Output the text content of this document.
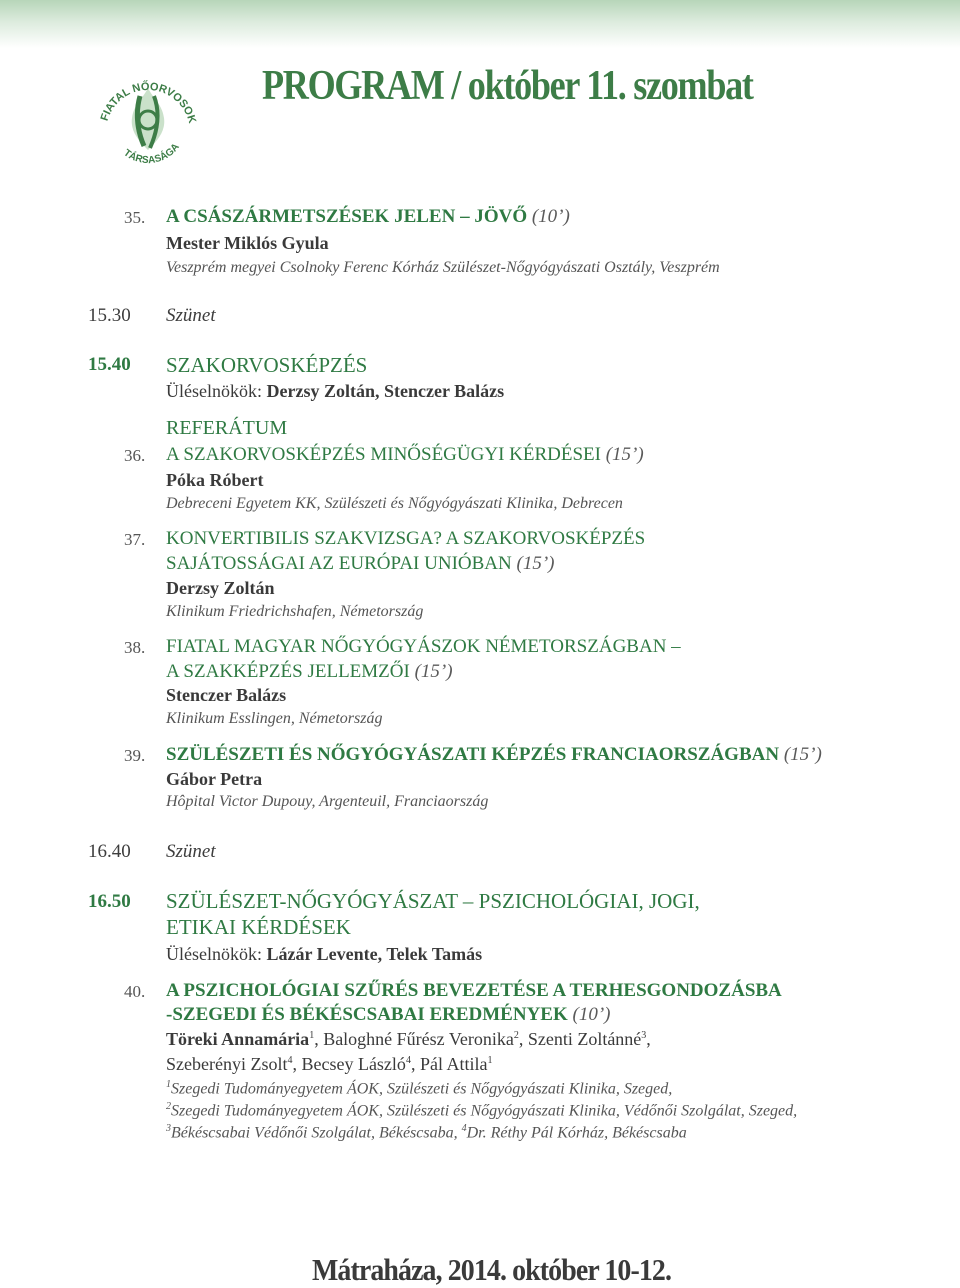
FIATAL NŐORVOSOK
TÁRSASÁGA
PROGRAM / október 11. szombat
35. A CSÁSZÁRMETSZÉSEK JELEN – JÖVŐ (10’)
Mester Miklós Gyula
Veszprém megyei Csolnoky Ferenc Kórház Szülészet-Nőgyógyászati Osztály, Veszprém
15.30 Szünet
15.40 SZAKORVOSKÉPZÉS
Üléselnökök: Derzsy Zoltán, Stenczer Balázs
REFERÁTUM
36. A SZAKORVOSKÉPZÉS MINŐSÉGÜGYI KÉRDÉSEI (15’)
Póka Róbert
Debreceni Egyetem KK, Szülészeti és Nőgyógyászati Klinika, Debrecen
37. KONVERTIBILIS SZAKVIZSGA? A SZAKORVOSKÉPZÉS
SAJÁTOSSÁGAI AZ EURÓPAI UNIÓBAN (15’)
Derzsy Zoltán
Klinikum Friedrichshafen, Németország
38. FIATAL MAGYAR NŐGYÓGYÁSZOK NÉMETORSZÁGBAN –
A SZAKKÉPZÉS JELLEMZŐI (15’)
Stenczer Balázs
Klinikum Esslingen, Németország
39. SZÜLÉSZETI ÉS NŐGYÓGYÁSZATI KÉPZÉS FRANCIAORSZÁGBAN (15’)
Gábor Petra
Hôpital Victor Dupouy, Argenteuil, Franciaország
16.40 Szünet
16.50 SZÜLÉSZET-NŐGYÓGYÁSZAT – PSZICHOLÓGIAI, JOGI,
ETIKAI KÉRDÉSEK
Üléselnökök: Lázár Levente, Telek Tamás
40. A PSZICHOLÓGIAI SZŰRÉS BEVEZETÉSE A TERHESGONDOZÁSBA
-SZEGEDI ÉS BÉKÉSCSABAI EREDMÉNYEK (10’)
Töreki Annamária$^1$, Baloghné Fűrész Veronika$^2$, Szenti Zoltánné$^3$,
Szeberényi Zsolt$^4$, Becsey László$^4$, Pál Attila$^1$
$^1$Szegedi Tudományegyetem ÁOK, Szülészeti és Nőgyógyászati Klinika, Szeged,
$^2$Szegedi Tudományegyetem ÁOK, Szülészeti és Nőgyógyászati Klinika, Védőnői Szolgálat, Szeged,
$^3$Békéscsabai Védőnői Szolgálat, Békéscsaba, $^4$Dr. Réthy Pál Kórház, Békéscsaba
Mátraháza, 2014. október 10-12.
